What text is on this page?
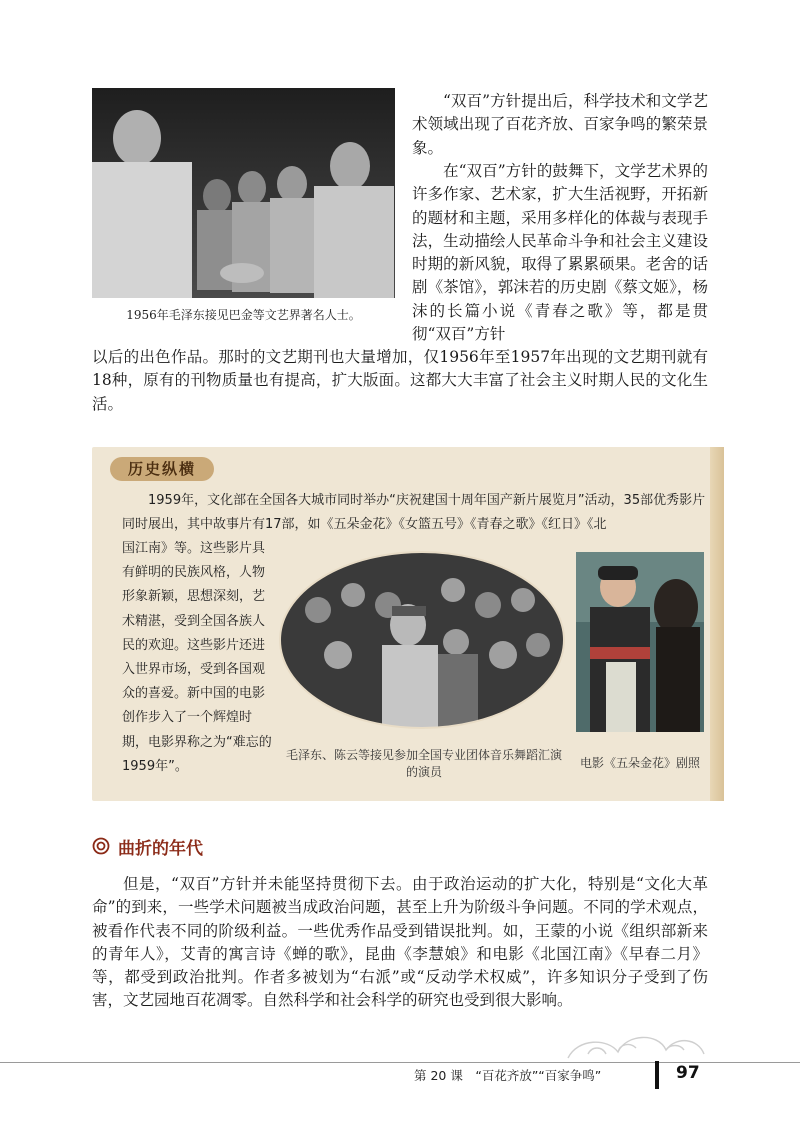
1956年毛泽东接见巴金等文艺界著名人士。

“双百”方针提出后，科学技术和文学艺术领域出现了百花齐放、百家争鸣的繁荣景象。

在“双百”方针的鼓舞下，文学艺术界的许多作家、艺术家，扩大生活视野，开拓新的题材和主题，采用多样化的体裁与表现手法，生动描绘人民革命斗争和社会主义建设时期的新风貌，取得了累累硕果。老舍的话剧《茶馆》，郭沫若的历史剧《蔡文姬》，杨沫的长篇小说《青春之歌》等，都是贯彻“双百”方针

以后的出色作品。那时的文艺期刊也大量增加，仅1956年至1957年出现的文艺期刊就有18种，原有的刊物质量也有提高，扩大版面。这都大大丰富了社会主义时期人民的文化生活。

历史纵横

1959年，文化部在全国各大城市同时举办“庆祝建国十周年国产新片展览月”活动，35部优秀影片同时展出，其中故事片有17部，如《五朵金花》《女篮五号》《青春之歌》《红日》《北

国江南》等。这些影片具有鲜明的民族风格，人物形象新颖，思想深刻，艺术精湛，受到全国各族人民的欢迎。这些影片还进入世界市场，受到各国观众的喜爱。新中国的电影创作步入了一个辉煌时期，电影界称之为“难忘的1959年”。

毛泽东、陈云等接见参加全国专业团体音乐舞蹈汇演的演员
电影《五朵金花》剧照
曲折的年代

但是，“双百”方针并未能坚持贯彻下去。由于政治运动的扩大化，特别是“文化大革命”的到来，一些学术问题被当成政治问题，甚至上升为阶级斗争问题。不同的学术观点，被看作代表不同的阶级利益。一些优秀作品受到错误批判。如，王蒙的小说《组织部新来的青年人》，艾青的寓言诗《蝉的歌》，昆曲《李慧娘》和电影《北国江南》《早春二月》等，都受到政治批判。作者多被划为“右派”或“反动学术权威”，许多知识分子受到了伤害，文艺园地百花凋零。自然科学和社会科学的研究也受到很大影响。

第 20 课　“百花齐放”“百家争鸣”	97
